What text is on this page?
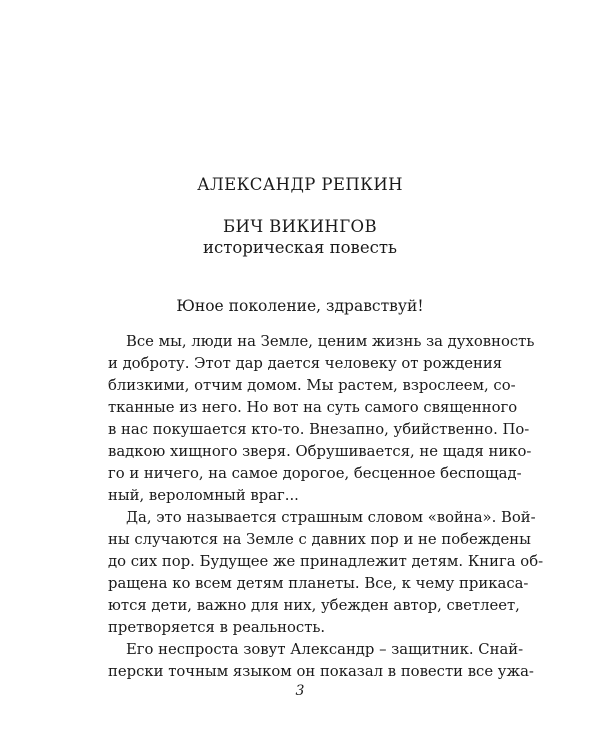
АЛЕКСАНДР РЕПКИН
БИЧ ВИКИНГОВ
историческая повесть
Юное поколение, здравствуй!
Все мы, люди на Земле, ценим жизнь за духовность
и доброту. Этот дар дается человеку от рождения
близкими, отчим домом. Мы растем, взрослеем, со-
тканные из него. Но вот на суть самого священного
в нас покушается кто-то. Внезапно, убийственно. По-
вадкою хищного зверя. Обрушивается, не щадя нико-
го и ничего, на самое дорогое, бесценное беспощад-
ный, вероломный враг...
Да, это называется страшным словом «война». Вой-
ны случаются на Земле с давних пор и не побеждены
до сих пор. Будущее же принадлежит детям. Книга об-
ращена ко всем детям планеты. Все, к чему прикаса-
ются дети, важно для них, убежден автор, светлеет,
претворяется в реальность.
Его неспроста зовут Александр – защитник. Снай-
перски точным языком он показал в повести все ужа-
3
